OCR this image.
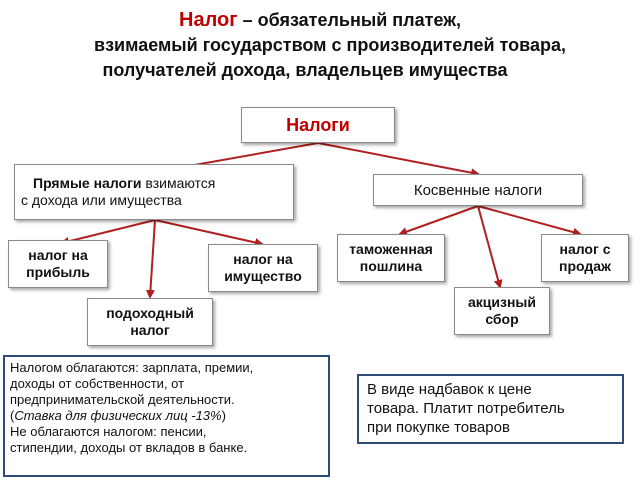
Налог – обязательный платеж,
взимаемый государством с производителей товара,
получателей дохода, владельцев имущества
Налоги
Прямые налоги взимаются
с дохода или имущества
Косвенные налоги
налог на
прибыль
налог на
имущество
подоходный
налог
таможенная
пошлина
акцизный
сбор
налог с
продаж
Налогом облагаются: зарплата, премии,
доходы от собственности, от
предпринимательской деятельности.
(Ставка для физических лиц -13%)
Не облагаются налогом: пенсии,
стипендии, доходы от вкладов в банке.
В виде надбавок к цене
товара. Платит потребитель
при покупке товаров
